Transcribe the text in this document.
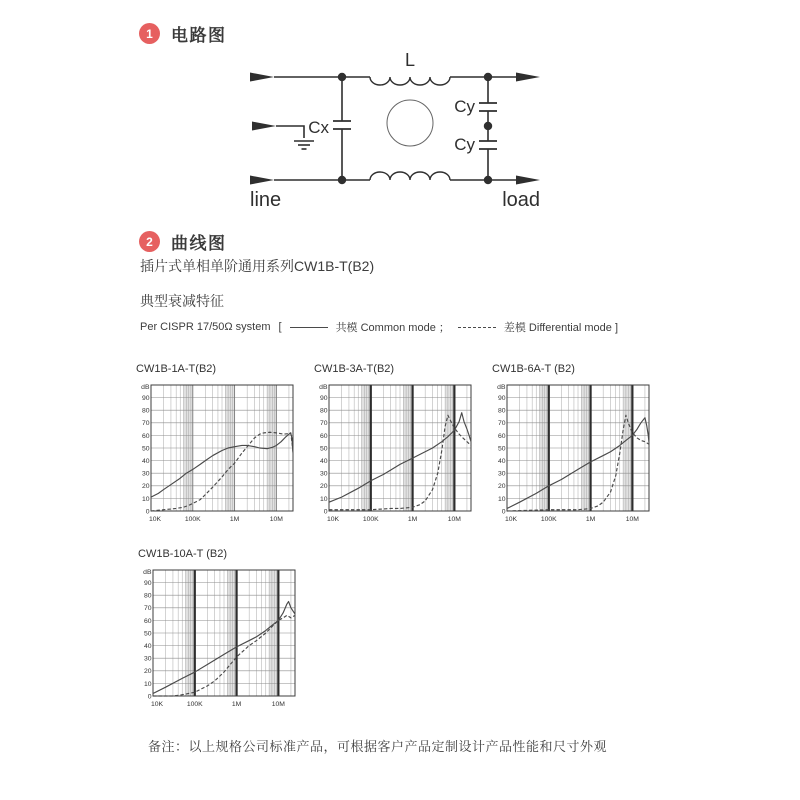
1	电路图
Cx
Cy
Cy
L
line	load
2	曲线图
插片式单相单阶通用系列CW1B-T(B2)
典型衰减特征
Per CISPR 17/50Ω system [	共模 Common mode ；	差模 Differential mode ]
CW1B-1A-T(B2)
dB
90
80
70
60
50
40
30
20
10
0
10K	100K	1M	10M
CW1B-3A-T(B2)
dB
90
80
70
60
50
40
30
20
10
0
10K	100K	1M	10M
CW1B-6A-T (B2)
dB
90
80
70
60
50
40
30
20
10
0
10K	100K	1M	10M
CW1B-10A-T (B2)
dB
90
80
70
60
50
40
30
20
10
0
10K	100K	1M	10M
备注：以上规格公司标准产品，可根据客户产品定制设计产品性能和尺寸外观
